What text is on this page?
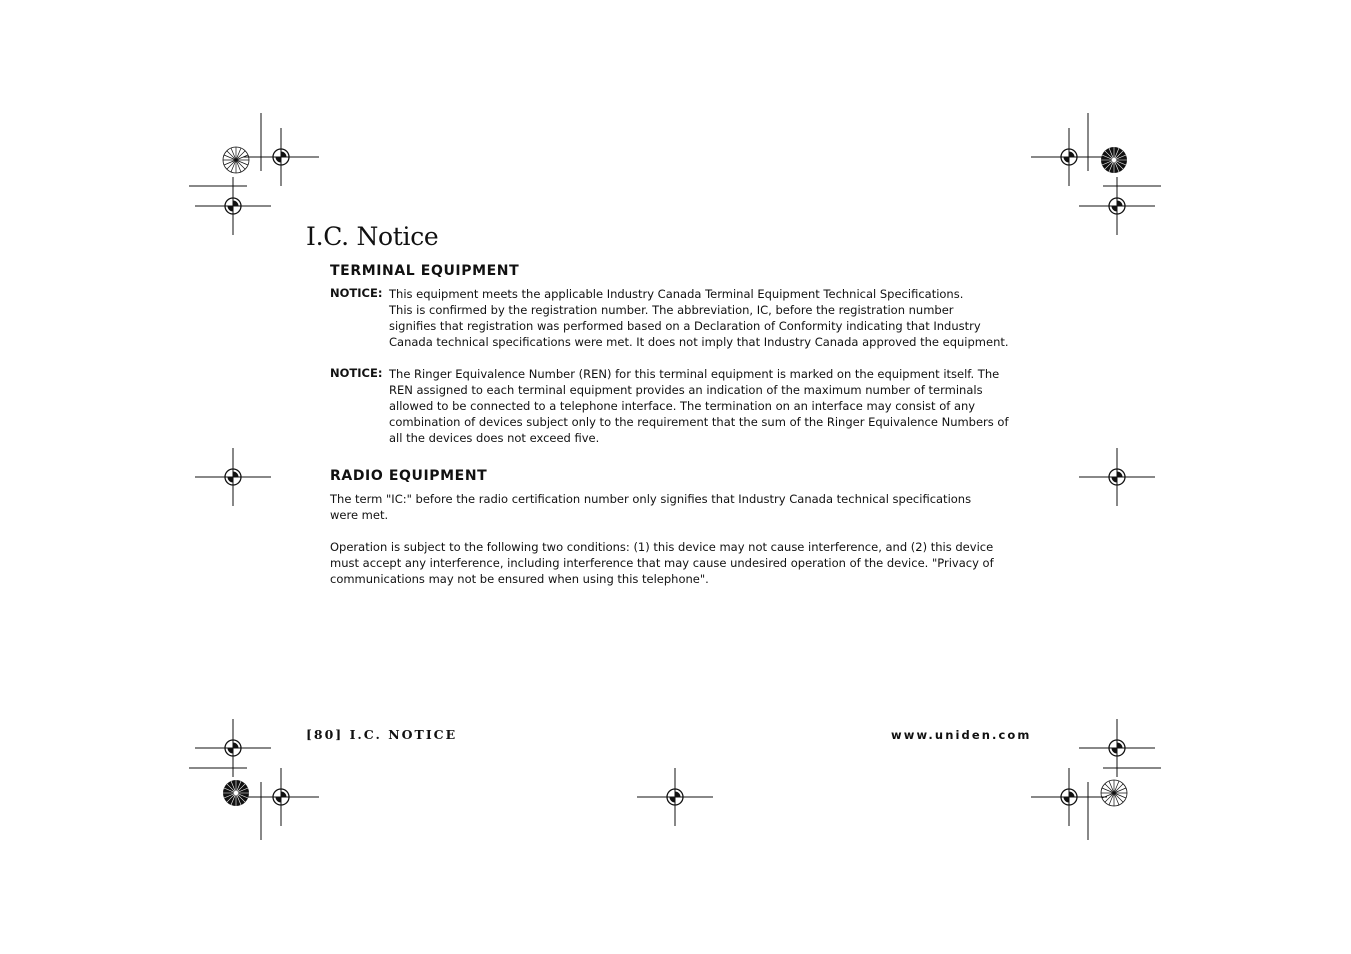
I.C. Notice
TERMINAL EQUIPMENT
NOTICE: This equipment meets the applicable Industry Canada Terminal Equipment Technical Specifications.
This is confirmed by the registration number. The abbreviation, IC, before the registration number
signifies that registration was performed based on a Declaration of Conformity indicating that Industry
Canada technical specifications were met. It does not imply that Industry Canada approved the equipment.
NOTICE: The Ringer Equivalence Number (REN) for this terminal equipment is marked on the equipment itself. The
REN assigned to each terminal equipment provides an indication of the maximum number of terminals
allowed to be connected to a telephone interface. The termination on an interface may consist of any
combination of devices subject only to the requirement that the sum of the Ringer Equivalence Numbers of
all the devices does not exceed five.
RADIO EQUIPMENT
The term "IC:" before the radio certification number only signifies that Industry Canada technical specifications
were met.
Operation is subject to the following two conditions: (1) this device may not cause interference, and (2) this device
must accept any interference, including interference that may cause undesired operation of the device. "Privacy of
communications may not be ensured when using this telephone".
[80] I.C. NOTICE	www.uniden.com
